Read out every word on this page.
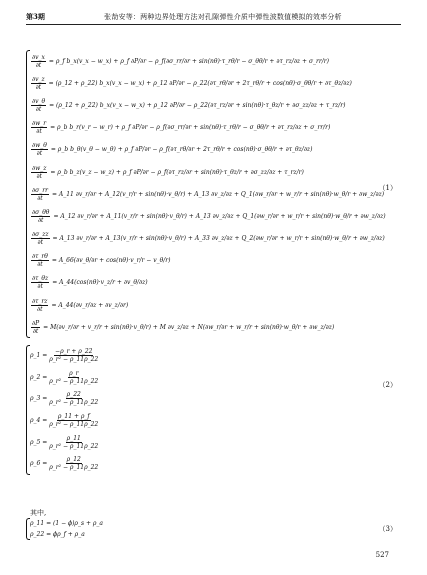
第3期	张劼安等：两种边界处理方法对孔隙弹性介质中弹性波数值模拟的效率分析
$\frac{\partial v\_x}{\partial t}$ = ρ_f b_x(v_x − w_x) + ρ_f ∂P/∂r − ρ_f(∂σ_rr/∂r + sin(nθ)·τ_rθ/r − σ_θθ/r + ∂τ_rz/∂z + σ_rr/r)
$\frac{\partial v\_z}{\partial t}$ = (ρ_12 + ρ_22) b_x(v_x − w_x) + ρ_12 ∂P/∂r − ρ_22(∂τ_rθ/∂r + 2τ_rθ/r + cos(nθ)·σ_θθ/r + ∂τ_θz/∂z)
$\frac{\partial v\_\theta}{\partial t}$ = (ρ_12 + ρ_22) b_x(v_x − w_x) + ρ_12 ∂P/∂r − ρ_22(∂τ_rz/∂r + sin(nθ)·τ_θz/r + ∂σ_zz/∂z + τ_rz/r)
$\frac{\partial w\_r}{\partial t}$ = ρ_b b_r(v_r − w_r) + ρ_f ∂P/∂r − ρ_f(∂σ_rr/∂r + sin(nθ)·τ_rθ/r − σ_θθ/r + ∂τ_rz/∂z + σ_rr/r)
$\frac{\partial w\_\theta}{\partial t}$ = ρ_b b_θ(v_θ − w_θ) + ρ_f ∂P/∂r − ρ_f(∂τ_rθ/∂r + 2τ_rθ/r + cos(nθ)·σ_θθ/r + ∂τ_θz/∂z)
$\frac{\partial w\_z}{\partial t}$ = ρ_b b_z(v_z − w_z) + ρ_f ∂P/∂r − ρ_f(∂τ_rz/∂r + sin(nθ)·τ_θz/r + ∂σ_zz/∂z + τ_rz/r)
$\frac{\partial\sigma\_rr}{\partial t}$ = A_11 ∂v_r/∂r + A_12(v_r/r + sin(nθ)·v_θ/r) + A_13 ∂v_z/∂z + Q_1(∂w_r/∂r + w_r/r + sin(nθ)·w_θ/r + ∂w_z/∂z)
$\frac{\partial\sigma\_\theta\theta}{\partial t}$ = A_12 ∂v_r/∂r + A_11(v_r/r + sin(nθ)·v_θ/r) + A_13 ∂v_z/∂z + Q_1(∂w_r/∂r + w_r/r + sin(nθ)·w_θ/r + ∂w_z/∂z)
$\frac{\partial\sigma\_zz}{\partial t}$ = A_13 ∂v_r/∂r + A_13(v_r/r + sin(nθ)·v_θ/r) + A_33 ∂v_z/∂z + Q_2(∂w_r/∂r + w_r/r + sin(nθ)·w_θ/r + ∂w_z/∂z)
$\frac{\partial\tau\_r\theta}{\partial t}$ = A_66(∂v_θ/∂r + cos(nθ)·v_r/r − v_θ/r)
$\frac{\partial\tau\_\theta z}{\partial t}$ = A_44(cos(nθ)·v_z/r + ∂v_θ/∂z)
$\frac{\partial\tau\_rz}{\partial t}$ = A_44(∂v_r/∂z + ∂v_z/∂r)
$\frac{\partial P}{\partial t}$ = M(∂v_r/∂r + v_r/r + sin(nθ)·v_θ/r) + M ∂v_z/∂z + N(∂w_r/∂r + w_r/r + sin(nθ)·w_θ/r + ∂w_z/∂z)
（1）
ρ_1 = $\frac{-\rho\_r + \rho\_22}{\text{ρ\_r² − ρ\_11ρ\_22}}$
ρ_2 = $\frac{\rho\_r}{\text{ρ\_r² − ρ\_11ρ\_22}}$
ρ_3 = $\frac{\rho\_22}{\text{ρ\_r² − ρ\_11ρ\_22}}$
ρ_4 = $\frac{\rho\_11 + \rho\_f}{\text{ρ\_r² − ρ\_11ρ\_22}}$
ρ_5 = $\frac{\rho\_11}{\text{ρ\_r² − ρ\_11ρ\_22}}$
ρ_6 = $\frac{\rho\_12}{\text{ρ\_r² − ρ\_11ρ\_22}}$
（2）
其中,
ρ_11 = (1 − ϕ)ρ_s + ρ_a
ρ_22 = ϕρ_f + ρ_a
（3）
527
